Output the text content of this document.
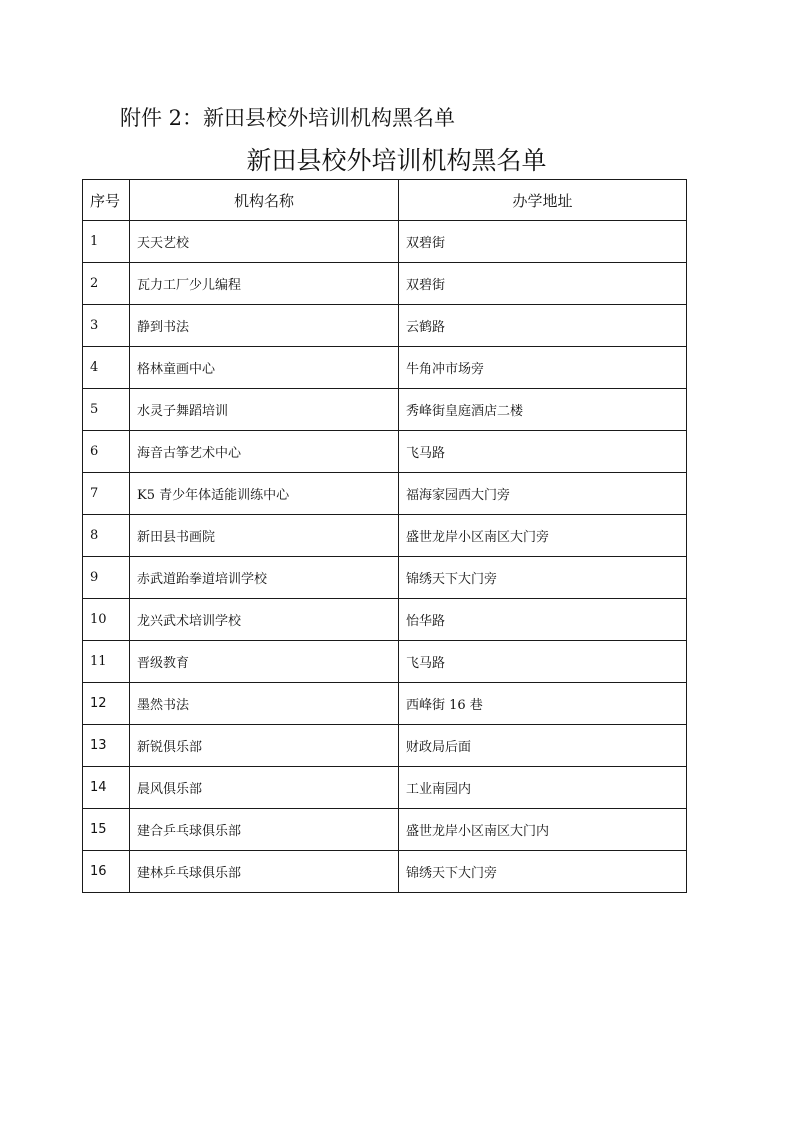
附件 2：新田县校外培训机构黑名单
新田县校外培训机构黑名单
序号	机构名称	办学地址
1	天天艺校	双碧街
2	瓦力工厂少儿编程	双碧街
3	静到书法	云鹤路
4	格林童画中心	牛角冲市场旁
5	水灵子舞蹈培训	秀峰街皇庭酒店二楼
6	海音古筝艺术中心	飞马路
7	K5 青少年体适能训练中心	福海家园西大门旁
8	新田县书画院	盛世龙岸小区南区大门旁
9	赤武道跆拳道培训学校	锦绣天下大门旁
10	龙兴武术培训学校	怡华路
11	晋级教育	飞马路
12	墨然书法	西峰街 16 巷
13	新锐俱乐部	财政局后面
14	晨风俱乐部	工业南园内
15	建合乒乓球俱乐部	盛世龙岸小区南区大门内
16	建林乒乓球俱乐部	锦绣天下大门旁
